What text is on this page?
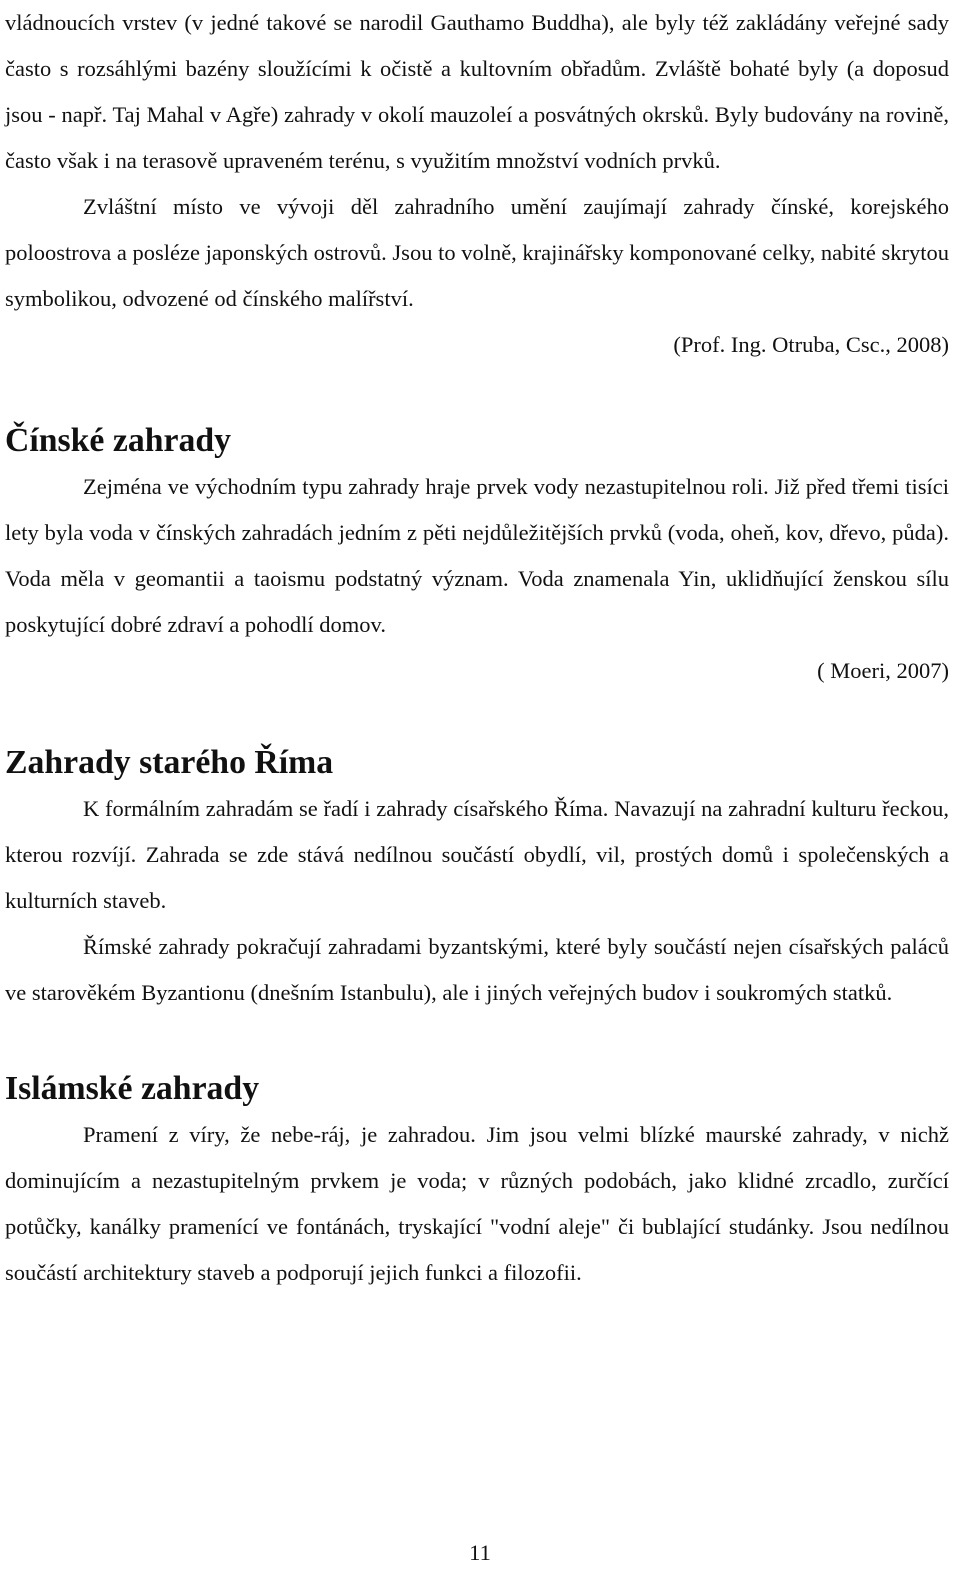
vládnoucích vrstev (v jedné takové se narodil Gauthamo Buddha), ale byly též zakládány veřejné sady často s rozsáhlými bazény sloužícími k očistě a kultovním obřadům. Zvláště bohaté byly (a doposud jsou - např. Taj Mahal v Agře) zahrady v okolí mauzoleí a posvátných okrsků. Byly budovány na rovině, často však i na terasově upraveném terénu, s využitím množství vodních prvků.

Zvláštní místo ve vývoji děl zahradního umění zaujímají zahrady čínské, korejského poloostrova a posléze japonských ostrovů. Jsou to volně, krajinářsky komponované celky, nabité skrytou symbolikou, odvozené od čínského malířství.

(Prof. Ing. Otruba, Csc., 2008)

Čínské zahrady

Zejména ve východním typu zahrady hraje prvek vody nezastupitelnou roli. Již před třemi tisíci lety byla voda v čínských zahradách jedním z pěti nejdůležitějších prvků (voda, oheň, kov, dřevo, půda). Voda měla v geomantii a taoismu podstatný význam. Voda znamenala Yin, uklidňující ženskou sílu poskytující dobré zdraví a pohodlí domov.

( Moeri, 2007)

Zahrady starého Říma

K formálním zahradám se řadí i zahrady císařského Říma. Navazují na zahradní kulturu řeckou, kterou rozvíjí. Zahrada se zde stává nedílnou součástí obydlí, vil, prostých domů i společenských a kulturních staveb.

Římské zahrady pokračují zahradami byzantskými, které byly součástí nejen císařských paláců ve starověkém Byzantionu (dnešním Istanbulu), ale i jiných veřejných budov i soukromých statků.

Islámské zahrady

Pramení z víry, že nebe-ráj, je zahradou. Jim jsou velmi blízké maurské zahrady, v nichž dominujícím a nezastupitelným prvkem je voda; v různých podobách, jako klidné zrcadlo, zurčící potůčky, kanálky pramenící ve fontánách, tryskající "vodní aleje" či bublající studánky. Jsou nedílnou součástí architektury staveb a podporují jejich funkci a filozofii.

11
